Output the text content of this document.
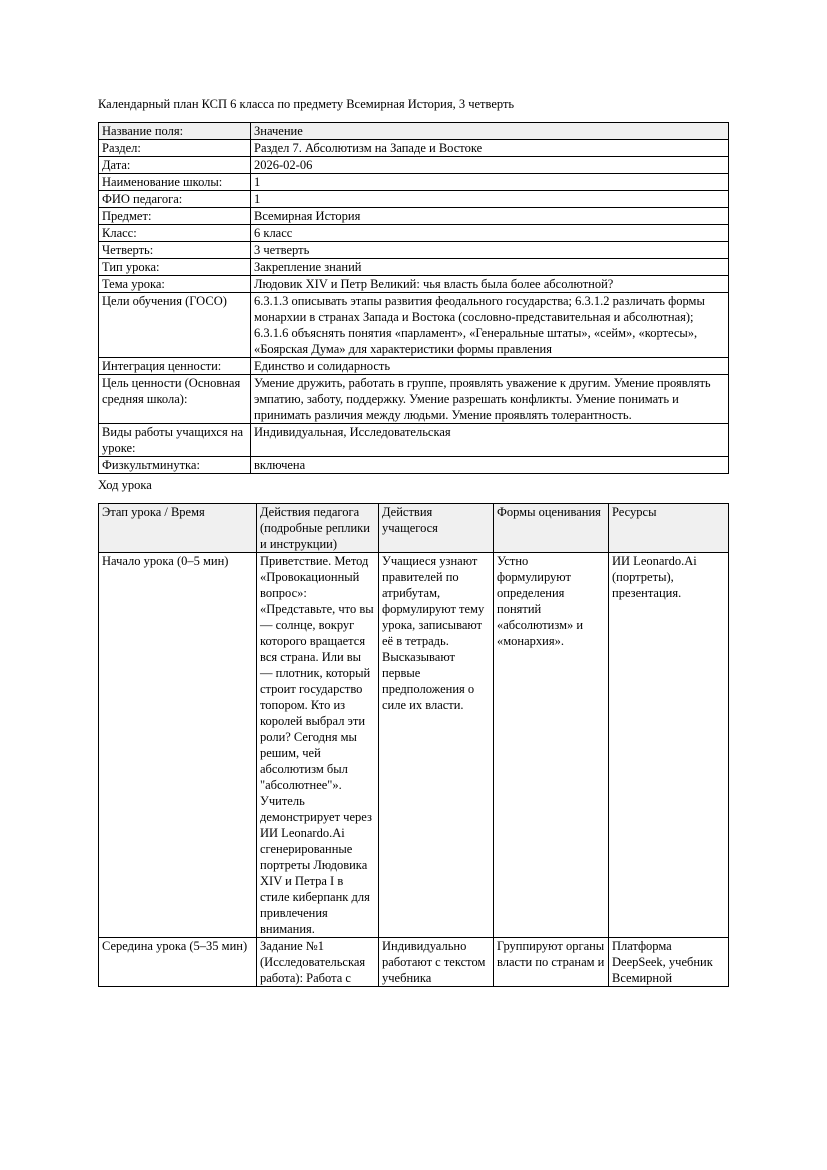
Календарный план КСП 6 класса по предмету Всемирная История, 3 четверть
Название поля:	Значение
Раздел:	Раздел 7. Абсолютизм на Западе и Востоке
Дата:	2026-02-06
Наименование школы:	1
ФИО педагога:	1
Предмет:	Всемирная История
Класс:	6 класс
Четверть:	3 четверть
Тип урока:	Закрепление знаний
Тема урока:	Людовик XIV и Петр Великий: чья власть была более абсолютной?
Цели обучения (ГОСО)	6.3.1.3 описывать этапы развития феодального государства; 6.3.1.2 различать формы монархии в странах Запада и Востока (сословно-представительная и абсолютная); 6.3.1.6 объяснять понятия «парламент», «Генеральные штаты», «сейм», «кортесы», «Боярская Дума» для характеристики формы правления
Интеграция ценности:	Единство и солидарность
Цель ценности (Основная средняя школа):	Умение дружить, работать в группе, проявлять уважение к другим. Умение проявлять эмпатию, заботу, поддержку. Умение разрешать конфликты. Умение понимать и принимать различия между людьми. Умение проявлять толерантность.
Виды работы учащихся на уроке:	Индивидуальная, Исследовательская
Физкультминутка:	включена
Ход урока
Этап урока / Время	Действия педагога (подробные реплики и инструкции)	Действия учащегося	Формы оценивания	Ресурсы
Начало урока (0–5 мин)	Приветствие. Метод «Провокационный вопрос»: «Представьте, что вы — солнце, вокруг которого вращается вся страна. Или вы — плотник, который строит государство топором. Кто из королей выбрал эти роли? Сегодня мы решим, чей абсолютизм был "абсолютнее"». Учитель демонстрирует через ИИ Leonardo.Ai сгенерированные портреты Людовика XIV и Петра I в стиле киберпанк для привлечения внимания.	Учащиеся узнают правителей по атрибутам, формулируют тему урока, записывают её в тетрадь. Высказывают первые предположения о силе их власти.	Устно формулируют определения понятий «абсолютизм» и «монархия».	ИИ Leonardo.Ai (портреты), презентация.
Середина урока (5–35 мин)	Задание №1 (Исследовательская работа): Работа с	Индивидуально работают с текстом учебника	Группируют органы власти по странам и	Платформа DeepSeek, учебник Всемирной
